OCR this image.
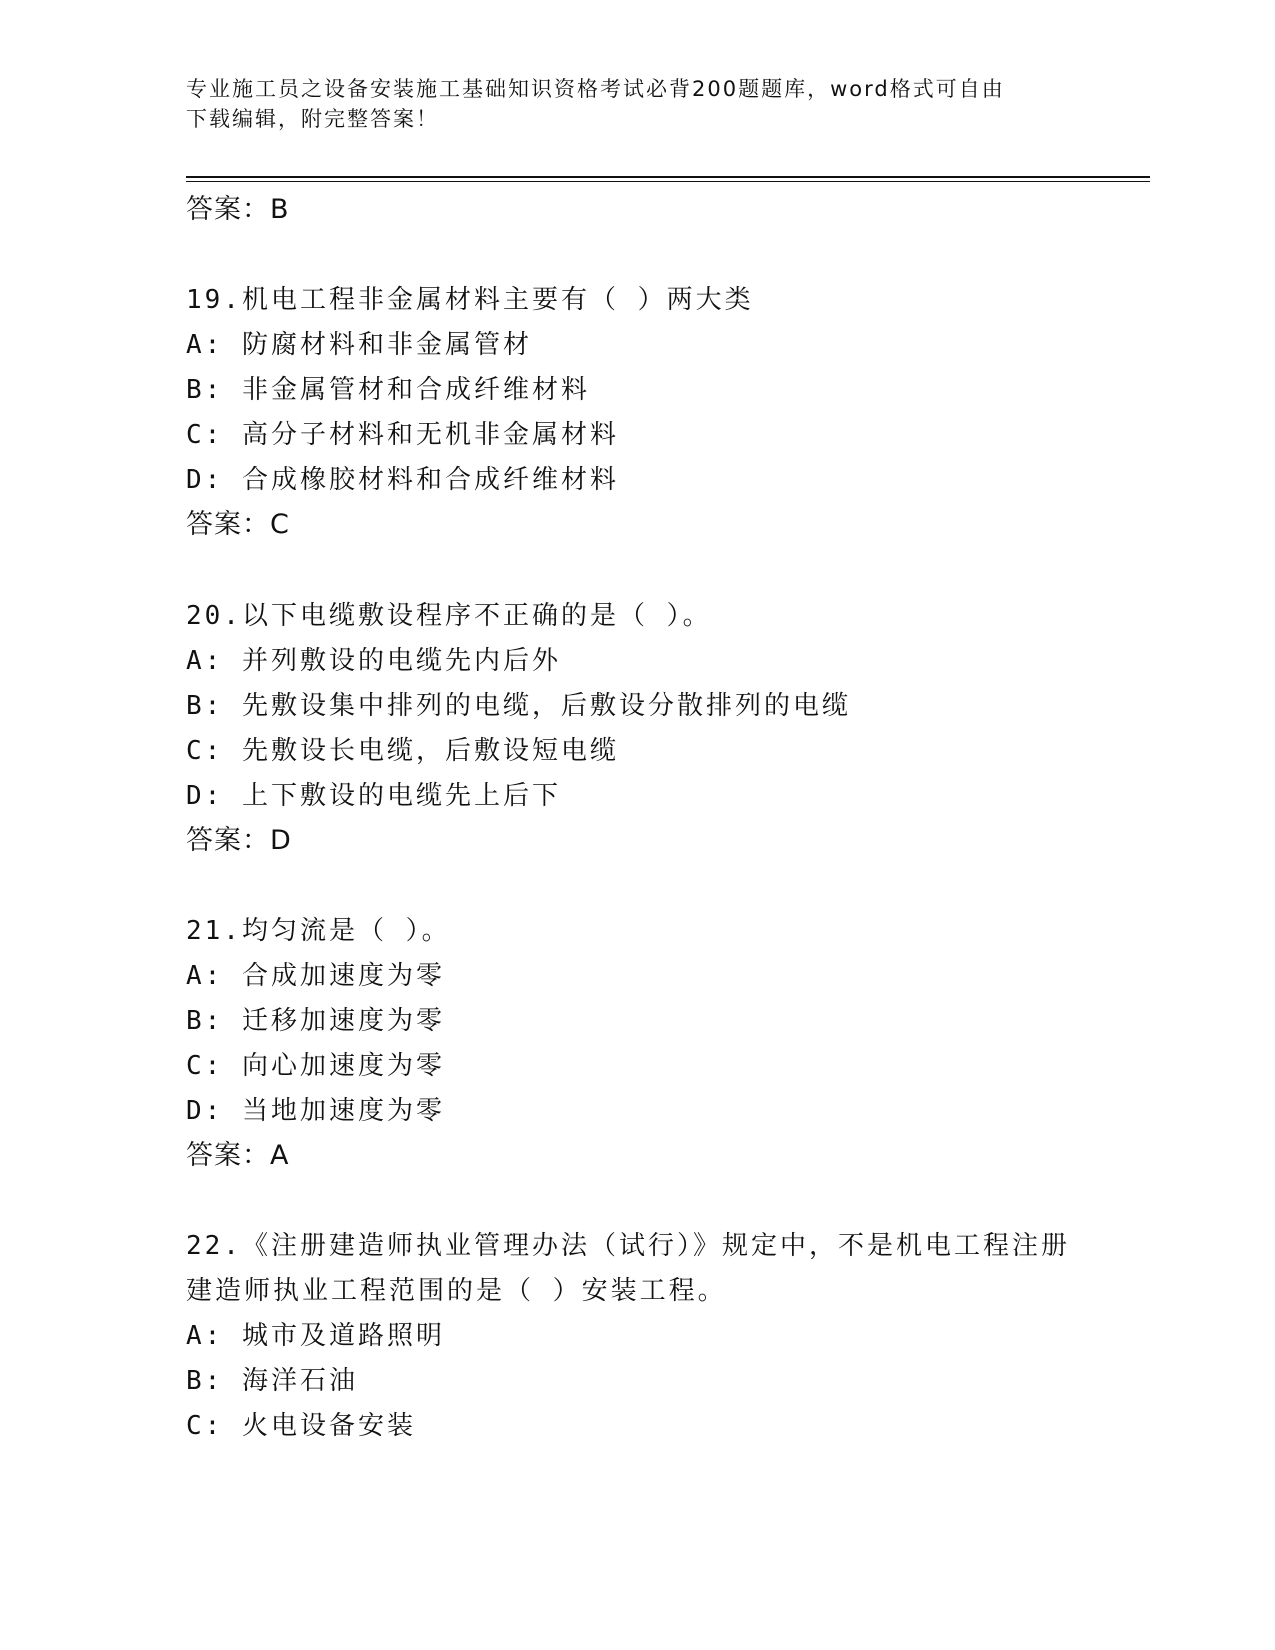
专业施工员之设备安装施工基础知识资格考试必背200题题库，word格式可自由
下载编辑，附完整答案！
答案：B
19.机电工程非金属材料主要有（ ）两大类
A: 防腐材料和非金属管材
B: 非金属管材和合成纤维材料
C: 高分子材料和无机非金属材料
D: 合成橡胶材料和合成纤维材料
答案：C
20.以下电缆敷设程序不正确的是（ ）。
A: 并列敷设的电缆先内后外
B: 先敷设集中排列的电缆，后敷设分散排列的电缆
C: 先敷设长电缆，后敷设短电缆
D: 上下敷设的电缆先上后下
答案：D
21.均匀流是（ ）。
A: 合成加速度为零
B: 迁移加速度为零
C: 向心加速度为零
D: 当地加速度为零
答案：A
22.《注册建造师执业管理办法（试行）》规定中，不是机电工程注册
建造师执业工程范围的是（ ）安装工程。
A: 城市及道路照明
B: 海洋石油
C: 火电设备安装
